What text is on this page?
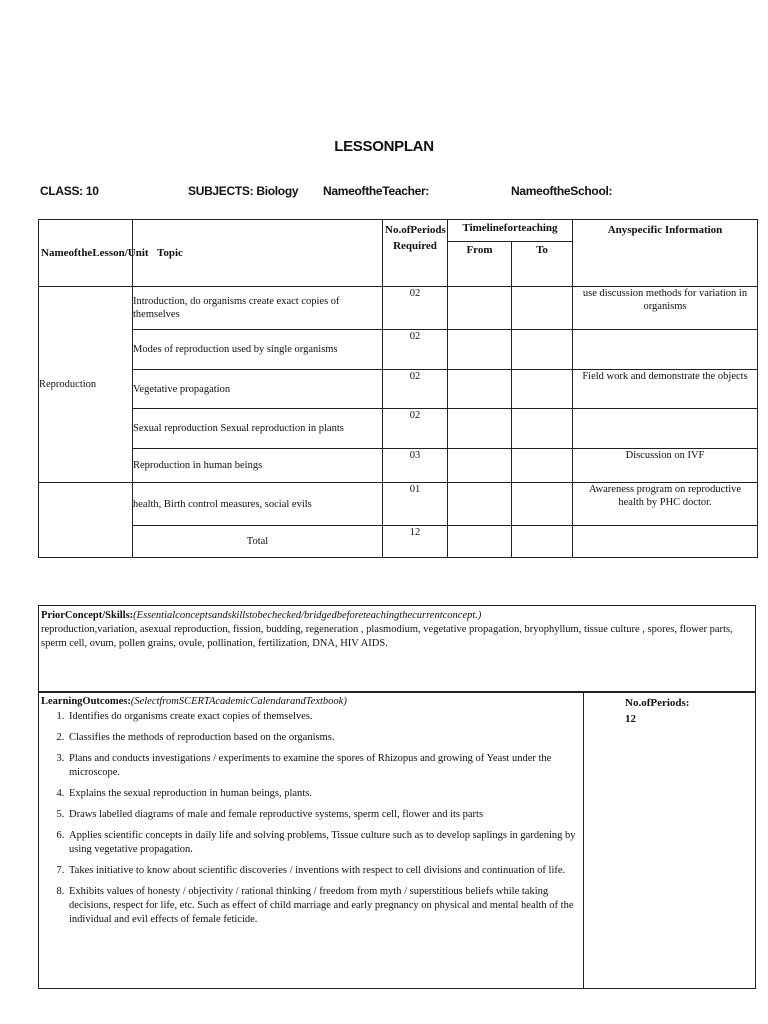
LESSONPLAN
CLASS: 10	SUBJECTS: Biology NameoftheTeacher:	NameoftheSchool:
NameoftheLesson/Unit	Topic	No.ofPeriods Required	Timelineforteaching		Anyspecific Information
			From	To	
Reproduction	Introduction, do organisms create exact copies of themselves	02			use discussion methods for variation in organisms
	Modes of reproduction used by single organisms	02			
	Vegetative propagation	02			Field work and demonstrate the objects
	Sexual reproduction Sexual reproduction in plants	02			
	Reproduction in human beings	03			Discussion on IVF
	health, Birth control measures, social evils	01			Awareness program on reproductive health by PHC doctor.
	Total	12			
PriorConcept/Skills:(Essentialconceptsandskillstobechecked/bridgedbeforeteachingthecurrentconcept.)
reproduction,variation, asexual reproduction, fission, budding, regeneration , plasmodium, vegetative propagation, bryophyllum, tissue culture , spores, flower parts, sperm cell, ovum, pollen grains, ovule, pollination, fertilization, DNA, HIV AIDS.
LearningOutcomes:(SelectfromSCERTAcademicCalendarandTextbook)
1. Identifies do organisms create exact copies of themselves.
2. Classifies the methods of reproduction based on the organisms.
3. Plans and conducts investigations / experiments to examine the spores of Rhizopus and growing of Yeast under the microscope.
4. Explains the sexual reproduction in human beings, plants.
5. Draws labelled diagrams of male and female reproductive systems, sperm cell, flower and its parts
6. Applies scientific concepts in daily life and solving problems, Tissue culture such as to develop saplings in gardening by using vegetative propagation.
7. Takes initiative to know about scientific discoveries / inventions with respect to cell divisions and continuation of life.
8. Exhibits values of honesty / objectivity / rational thinking / freedom from myth / superstitious beliefs while taking decisions, respect for life, etc. Such as effect of child marriage and early pregnancy on physical and mental health of the individual and evil effects of female feticide.
No.ofPeriods:
12
